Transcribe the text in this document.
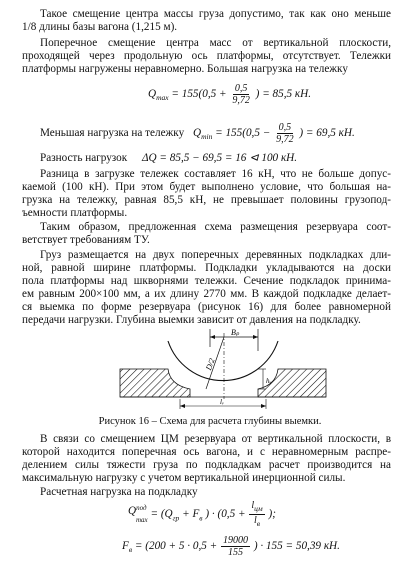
Такое смещение центра массы груза допустимо, так как оно меньше
1/8 длины базы вагона (1,215 м).
Поперечное смещение центра масс от вертикальной плоскости,
проходящей через продольную ось платформы, отсутствует. Тележки
платформы нагружены неравномерно. Большая нагрузка на тележку
$Q_{max} = 155(0,5 + \frac{0,5}{9,72}$ ) = 85,5 кН.
Меньшая нагрузка на тележку $Q_{min} = 155(0,5 - \frac{0,5}{9,72}$ ) = 69,5 кН.
Разность нагрузок ΔQ = 85,5 − 69,5 = 16 ⊲ 100 кН.
Разница в загрузке тележек составляет 16 кН, что не больше допус-
каемой (100 кН). При этом будет выполнено условие, что большая на-
грузка на тележку, равная 85,5 кН, не превышает половины грузопод-
ъемности платформы.
Таким образом, предложенная схема размещения резервуара соот-
ветствует требованиям ТУ.
Груз размещается на двух поперечных деревянных подкладках дли-
ной, равной ширине платформы. Подкладки укладываются на доски
пола платформы над шкворнями тележки. Сечение подкладок принима-
ем равным 200×100 мм, а их длину 2770 мм. В каждой подкладке делает-
ся выемка по форме резервуара (рисунок 16) для более равномерной
передачи нагрузки. Глубина выемки зависит от давления на подкладку.
Bₚ
D/2
hᵥ
lᵥ
Рисунок 16 – Схема для расчета глубины выемки.
В связи со смещением ЦМ резервуара от вертикальной плоскости, в
которой находится поперечная ось вагона, и с неравномерным распре-
делением силы тяжести груза по подкладкам расчет производится на
максимальную нагрузку с учетом вертикальной инерционной силы.
Расчетная нагрузка на подкладку
$Q^{под}$
$\max = (Q_{гр} + F_в$ ) · ($0,5 + \frac{l_{цм}}{l_в}$ );
$F_в = (200 + 5 \cdot 0,5 + \frac{19000}{155}$ ) · 155 = 50,39 кН.
